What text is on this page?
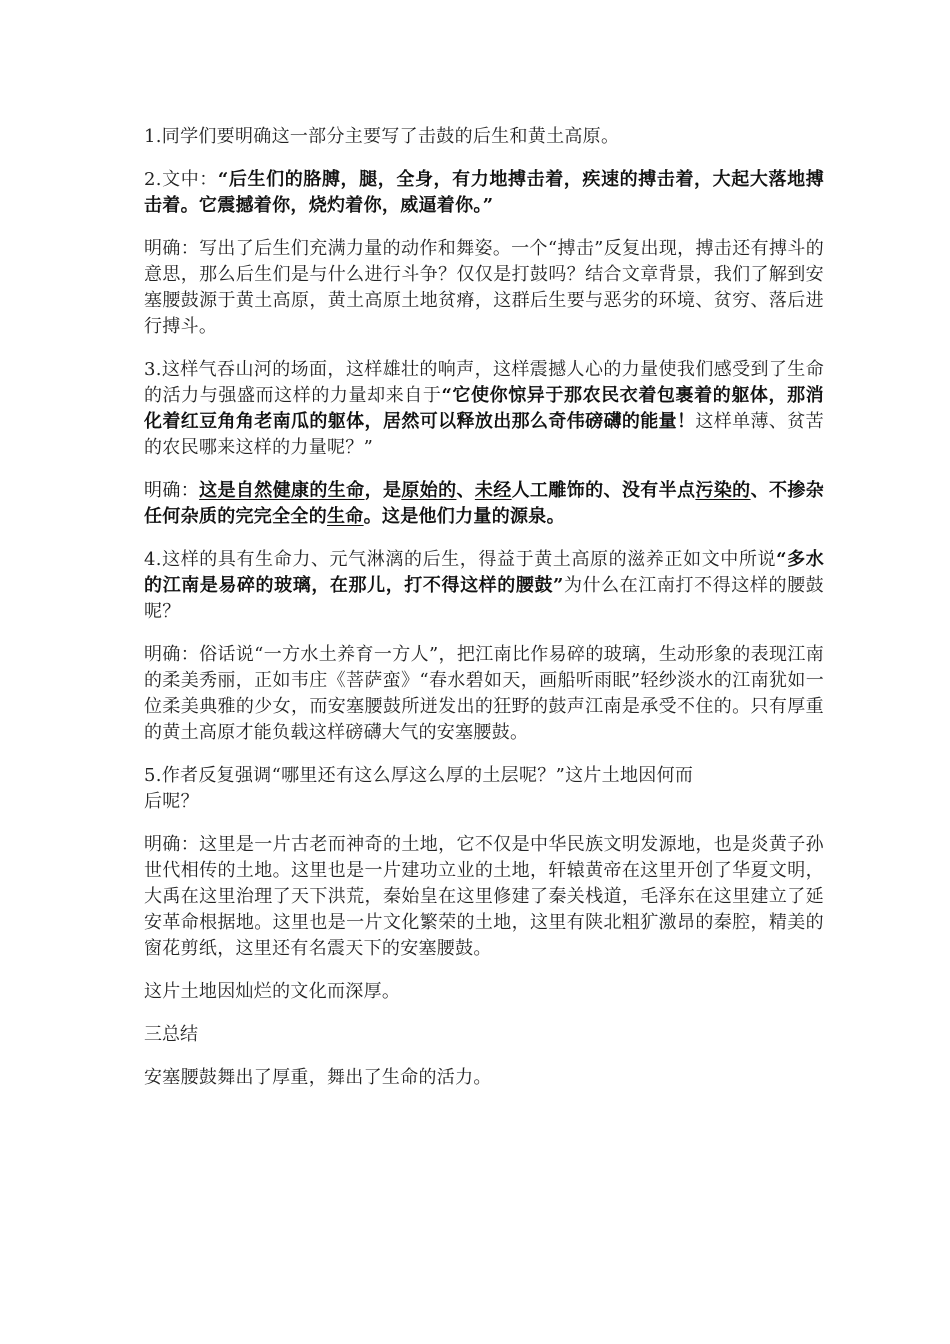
1.同学们要明确这一部分主要写了击鼓的后生和黄土高原。

2.文中：“后生们的胳膊，腿，全身，有力地搏击着，疾速的搏击着，大起大落地搏击着。它震撼着你，烧灼着你，威逼着你。”

明确：写出了后生们充满力量的动作和舞姿。一个“搏击”反复出现，搏击还有搏斗的意思，那么后生们是与什么进行斗争？仅仅是打鼓吗？结合文章背景，我们了解到安塞腰鼓源于黄土高原，黄土高原土地贫瘠，这群后生要与恶劣的环境、贫穷、落后进行搏斗。

3.这样气吞山河的场面，这样雄壮的响声，这样震撼人心的力量使我们感受到了生命的活力与强盛而这样的力量却来自于“它使你惊异于那农民衣着包裹着的躯体，那消化着红豆角角老南瓜的躯体，居然可以释放出那么奇伟磅礴的能量！这样单薄、贫苦的农民哪来这样的力量呢？”

明确：这是自然健康的生命，是原始的、未经人工雕饰的、没有半点污染的、不掺杂任何杂质的完完全全的生命。这是他们力量的源泉。

4.这样的具有生命力、元气淋漓的后生，得益于黄土高原的滋养正如文中所说“多水的江南是易碎的玻璃，在那儿，打不得这样的腰鼓”为什么在江南打不得这样的腰鼓呢？

明确：俗话说“一方水土养育一方人”，把江南比作易碎的玻璃，生动形象的表现江南的柔美秀丽，正如韦庄《菩萨蛮》“春水碧如天，画船听雨眠”轻纱淡水的江南犹如一位柔美典雅的少女，而安塞腰鼓所迸发出的狂野的鼓声江南是承受不住的。只有厚重的黄土高原才能负载这样磅礴大气的安塞腰鼓。

5.作者反复强调“哪里还有这么厚这么厚的土层呢？”这片土地因何而
后呢？

明确：这里是一片古老而神奇的土地，它不仅是中华民族文明发源地，也是炎黄子孙世代相传的土地。这里也是一片建功立业的土地，轩辕黄帝在这里开创了华夏文明，大禹在这里治理了天下洪荒，秦始皇在这里修建了秦关栈道，毛泽东在这里建立了延安革命根据地。这里也是一片文化繁荣的土地，这里有陕北粗犷激昂的秦腔，精美的窗花剪纸，这里还有名震天下的安塞腰鼓。

这片土地因灿烂的文化而深厚。

三总结

安塞腰鼓舞出了厚重，舞出了生命的活力。
